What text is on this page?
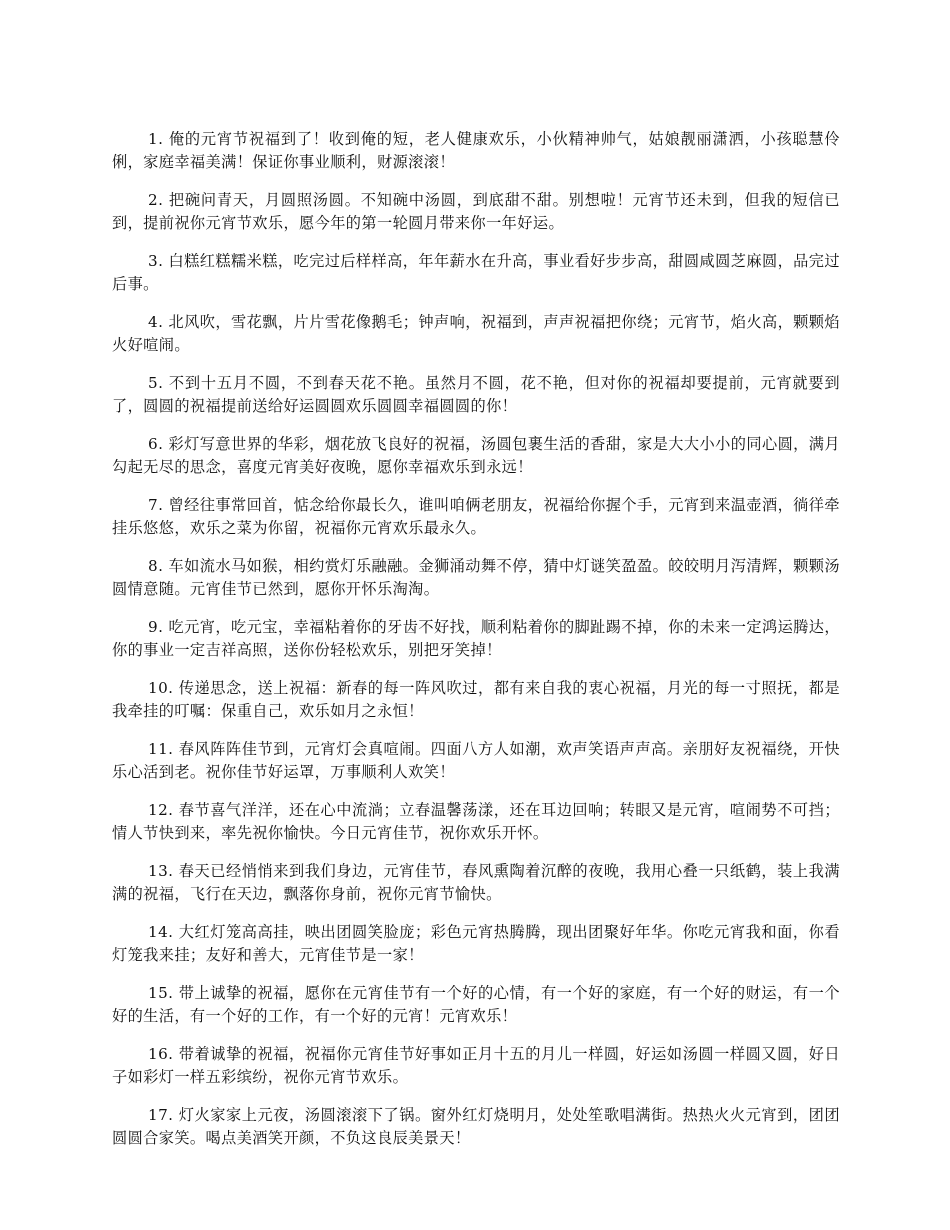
1. 俺的元宵节祝福到了！收到俺的短，老人健康欢乐，小伙精神帅气，姑娘靓丽潇洒，小孩聪慧伶俐，家庭幸福美满！保证你事业顺利，财源滚滚！

2. 把碗问青天，月圆照汤圆。不知碗中汤圆，到底甜不甜。别想啦！元宵节还未到，但我的短信已到，提前祝你元宵节欢乐，愿今年的第一轮圆月带来你一年好运。

3. 白糕红糕糯米糕，吃完过后样样高，年年薪水在升高，事业看好步步高，甜圆咸圆芝麻圆，品完过后事。

4. 北风吹，雪花飘，片片雪花像鹅毛；钟声响，祝福到，声声祝福把你绕；元宵节，焰火高，颗颗焰火好喧闹。

5. 不到十五月不圆，不到春天花不艳。虽然月不圆，花不艳，但对你的祝福却要提前，元宵就要到了，圆圆的祝福提前送给好运圆圆欢乐圆圆幸福圆圆的你！

6. 彩灯写意世界的华彩，烟花放飞良好的祝福，汤圆包裹生活的香甜，家是大大小小的同心圆，满月勾起无尽的思念，喜度元宵美好夜晚，愿你幸福欢乐到永远！

7. 曾经往事常回首，惦念给你最长久，谁叫咱俩老朋友，祝福给你握个手，元宵到来温壶酒，徜徉牵挂乐悠悠，欢乐之菜为你留，祝福你元宵欢乐最永久。

8. 车如流水马如猴，相约赏灯乐融融。金狮涌动舞不停，猜中灯谜笑盈盈。皎皎明月泻清辉，颗颗汤圆情意随。元宵佳节已然到，愿你开怀乐淘淘。

9. 吃元宵，吃元宝，幸福粘着你的牙齿不好找，顺利粘着你的脚趾踢不掉，你的未来一定鸿运腾达，你的事业一定吉祥高照，送你份轻松欢乐，别把牙笑掉！

10. 传递思念，送上祝福：新春的每一阵风吹过，都有来自我的衷心祝福，月光的每一寸照抚，都是我牵挂的叮嘱：保重自己，欢乐如月之永恒！

11. 春风阵阵佳节到，元宵灯会真喧闹。四面八方人如潮，欢声笑语声声高。亲朋好友祝福绕，开快乐心活到老。祝你佳节好运罩，万事顺利人欢笑！

12. 春节喜气洋洋，还在心中流淌；立春温馨荡漾，还在耳边回响；转眼又是元宵，喧闹势不可挡；情人节快到来，率先祝你愉快。今日元宵佳节，祝你欢乐开怀。

13. 春天已经悄悄来到我们身边，元宵佳节，春风熏陶着沉醉的夜晚，我用心叠一只纸鹤，装上我满满的祝福，飞行在天边，飘落你身前，祝你元宵节愉快。

14. 大红灯笼高高挂，映出团圆笑脸庞；彩色元宵热腾腾，现出团聚好年华。你吃元宵我和面，你看灯笼我来挂；友好和善大，元宵佳节是一家！

15. 带上诚挚的祝福，愿你在元宵佳节有一个好的心情，有一个好的家庭，有一个好的财运，有一个好的生活，有一个好的工作，有一个好的元宵！元宵欢乐！

16. 带着诚挚的祝福，祝福你元宵佳节好事如正月十五的月儿一样圆，好运如汤圆一样圆又圆，好日子如彩灯一样五彩缤纷，祝你元宵节欢乐。

17. 灯火家家上元夜，汤圆滚滚下了锅。窗外红灯烧明月，处处笙歌唱满街。热热火火元宵到，团团圆圆合家笑。喝点美酒笑开颜，不负这良辰美景天！
